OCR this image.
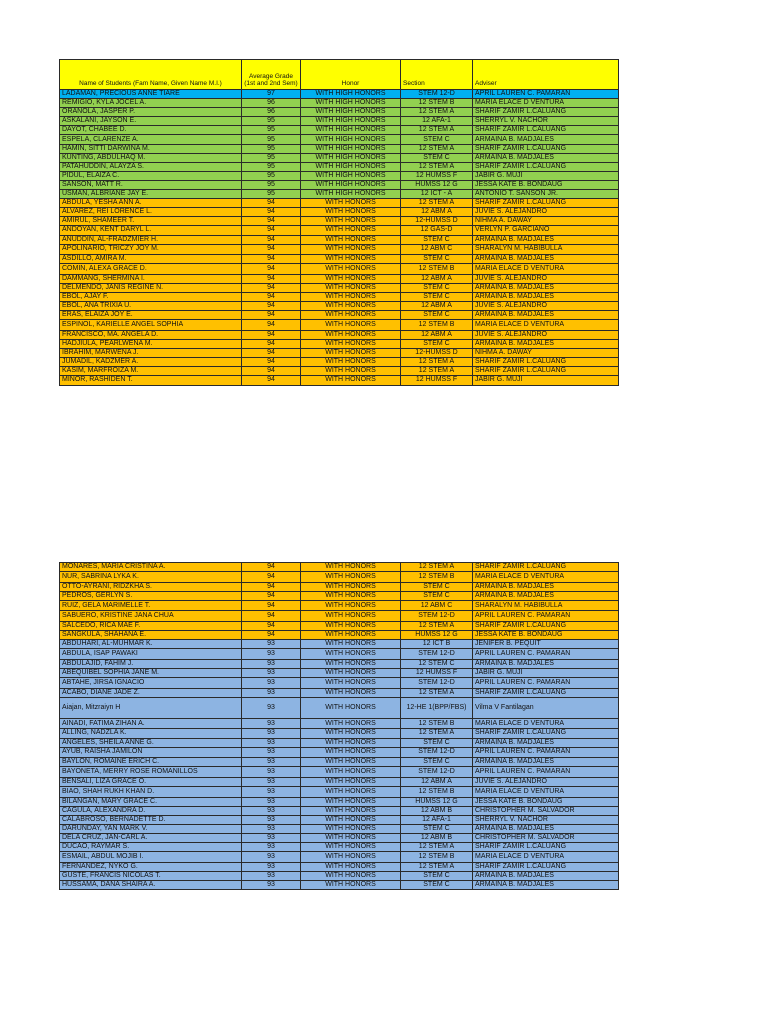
Name of Students (Fam Name, Given Name M.I.)	Average Grade (1st and 2nd Sem)	Honor	Section	Adviser
LADAMAN, PRECIOUS ANNE TIARE	97	WITH HIGH HONORS	STEM 12-D	APRIL LAUREN C. PAMARAN
REMIGIO, KYLA JOCEL A.	96	WITH HIGH HONORS	12 STEM B	MARIA ELACE D VENTURA
ORANOLA, JASPER P.	96	WITH HIGH HONORS	12 STEM A	SHARIF ZAMIR L.CALUANG
ASKALANI, JAYSON E.	95	WITH HIGH HONORS	12 AFA-1	SHERRYL V. NACHOR
DAYOT, CHABEE D.	95	WITH HIGH HONORS	12 STEM A	SHARIF ZAMIR L.CALUANG
ESPELA, CLARENZE A.	95	WITH HIGH HONORS	STEM C	ARMAINA B. MADJALES
HAMIN, SITTI DARWINA M.	95	WITH HIGH HONORS	12 STEM A	SHARIF ZAMIR L.CALUANG
KUNTING, ABDULHAQ M.	95	WITH HIGH HONORS	STEM C	ARMAINA B. MADJALES
PATAHUDDIN, ALAYZA S.	95	WITH HIGH HONORS	12 STEM A	SHARIF ZAMIR L.CALUANG
PIDUL, ELAIZA C.	95	WITH HIGH HONORS	12 HUMSS F	JABIR G. MUJI
SANSON, MATT R.	95	WITH HIGH HONORS	HUMSS 12 G	JESSA KATE B. BONDAUG
USMAN, ALBRIANE JAY E.	95	WITH HIGH HONORS	12 ICT - A	ANTONIO T. SANSON JR.
ABDULA, YESHA ANN A.	94	WITH HONORS	12 STEM A	SHARIF ZAMIR L.CALUANG
ALVAREZ, REI LORENCE L.	94	WITH HONORS	12 ABM A	JUVIE S. ALEJANDRO
AMIRUL, SHAMEER T.	94	WITH HONORS	12-HUMSS D	NIHMA A. DAWAY
ANDOYAN, KENT DARYL L.	94	WITH HONORS	12 GAS-D	VERLYN P. GARCIANO
ANUDDIN, AL-FRADZMIER H.	94	WITH HONORS	STEM C	ARMAINA B. MADJALES
APOLINARIO, TRICZY JOY M.	94	WITH HONORS	12 ABM C	SHARALYN M. HABIBULLA
ASDILLO, AMIRA M.	94	WITH HONORS	STEM C	ARMAINA B. MADJALES
COMIN, ALEXA GRACE D.	94	WITH HONORS	12 STEM B	MARIA ELACE D VENTURA
DAMMANG, SHERMINA I.	94	WITH HONORS	12 ABM A	JUVIE S. ALEJANDRO
DELMENDO, JANIS REGINE N.	94	WITH HONORS	STEM C	ARMAINA B. MADJALES
EBOL, AJAY F.	94	WITH HONORS	STEM C	ARMAINA B. MADJALES
EBOL, ANA TRIXIA U.	94	WITH HONORS	12 ABM A	JUVIE S. ALEJANDRO
ERAS, ELAIZA JOY E.	94	WITH HONORS	STEM C	ARMAINA B. MADJALES
ESPINOL, KARIELLE ANGEL SOPHIA	94	WITH HONORS	12 STEM B	MARIA ELACE D VENTURA
FRANCISCO, MA. ANGELA D.	94	WITH HONORS	12 ABM A	JUVIE S. ALEJANDRO
HADJIULA, PEARLWENA M.	94	WITH HONORS	STEM C	ARMAINA B. MADJALES
IBRAHIM, MARWENA J.	94	WITH HONORS	12-HUMSS D	NIHMA A. DAWAY
JUMADIL, KADZMER A.	94	WITH HONORS	12 STEM A	SHARIF ZAMIR L.CALUANG
KASIM, MARFROIZA M.	94	WITH HONORS	12 STEM A	SHARIF ZAMIR L.CALUANG
MINOR, RASHIDEN T.	94	WITH HONORS	12 HUMSS F	JABIR G. MUJI
MONARES, MARIA CRISTINA A.	94	WITH HONORS	12 STEM A	SHARIF ZAMIR L.CALUANG
NUR, SABRINA LYKA K.	94	WITH HONORS	12 STEM B	MARIA ELACE D VENTURA
OTTO-AYRANI, RIDZKHA S.	94	WITH HONORS	STEM C	ARMAINA B. MADJALES
PEDROS, GERLYN S.	94	WITH HONORS	STEM C	ARMAINA B. MADJALES
RUIZ, GELA MARIMELLE T.	94	WITH HONORS	12 ABM C	SHARALYN M. HABIBULLA
SABUERO, KRISTINE JANA CHUA	94	WITH HONORS	STEM 12-D	APRIL LAUREN C. PAMARAN
SALCEDO, RICA MAE F.	94	WITH HONORS	12 STEM A	SHARIF ZAMIR L.CALUANG
SANGKULA, SHAHANA E.	94	WITH HONORS	HUMSS 12 G	JESSA KATE B. BONDAUG
ABDUHARI, AL-MUHMAR K.	93	WITH HONORS	12 ICT B	JENIFER B. PEQUIT
ABDULA, ISAP PAWAKI	93	WITH HONORS	STEM 12-D	APRIL LAUREN C. PAMARAN
ABDULAJID, FAHIM J.	93	WITH HONORS	12 STEM C	ARMAINA B. MADJALES
ABEQUIBEL SOPHIA JANE M.	93	WITH HONORS	12 HUMSS F	JABIR G. MUJI
ABTAHE, JIRSA IGNACIO	93	WITH HONORS	STEM 12-D	APRIL LAUREN C. PAMARAN
ACABO, DIANE JADE Z.	93	WITH HONORS	12 STEM A	SHARIF ZAMIR L.CALUANG
Aiajan, Mitzraiyn H	93	WITH HONORS	12-HE 1(BPP/FBS)	Vilma V Fantilagan
AINADI, FATIMA ZIHAN A.	93	WITH HONORS	12 STEM B	MARIA ELACE D VENTURA
ALLING, NADZLA K.	93	WITH HONORS	12 STEM A	SHARIF ZAMIR L.CALUANG
ANGELES, SHEILA ANNE G.	93	WITH HONORS	STEM C	ARMAINA B. MADJALES
AYUB, RAISHA JAMILON	93	WITH HONORS	STEM 12-D	APRIL LAUREN C. PAMARAN
BAYLON, ROMAINE ERICH C.	93	WITH HONORS	STEM C	ARMAINA B. MADJALES
BAYONETA, MERRY ROSE ROMANILLOS	93	WITH HONORS	STEM 12-D	APRIL LAUREN C. PAMARAN
BENSALI, LIZA GRACE O.	93	WITH HONORS	12 ABM A	JUVIE S. ALEJANDRO
BIAO, SHAH RUKH KHAN D.	93	WITH HONORS	12 STEM B	MARIA ELACE D VENTURA
BILANGAN, MARY GRACE C.	93	WITH HONORS	HUMSS 12 G	JESSA KATE B. BONDAUG
CAGULA, ALEXANDRA D.	93	WITH HONORS	12 ABM B	CHRISTOPHER M. SALVADOR
CALABROSO, BERNADETTE D.	93	WITH HONORS	12 AFA-1	SHERRYL V. NACHOR
DARUNDAY, YAN MARK V.	93	WITH HONORS	STEM C	ARMAINA B. MADJALES
DELA CRUZ, JAN-CARL A.	93	WITH HONORS	12 ABM B	CHRISTOPHER M. SALVADOR
DUCAO, RAYMAR S.	93	WITH HONORS	12 STEM A	SHARIF ZAMIR L.CALUANG
ESMAIL, ABDUL MOJIB I.	93	WITH HONORS	12 STEM B	MARIA ELACE D VENTURA
FERNANDEZ, NYKO G.	93	WITH HONORS	12 STEM A	SHARIF ZAMIR L.CALUANG
GUSTE, FRANCIS NICOLAS T.	93	WITH HONORS	STEM C	ARMAINA B. MADJALES
HUSSAMA, DANA SHAIRA A.	93	WITH HONORS	STEM C	ARMAINA B. MADJALES
